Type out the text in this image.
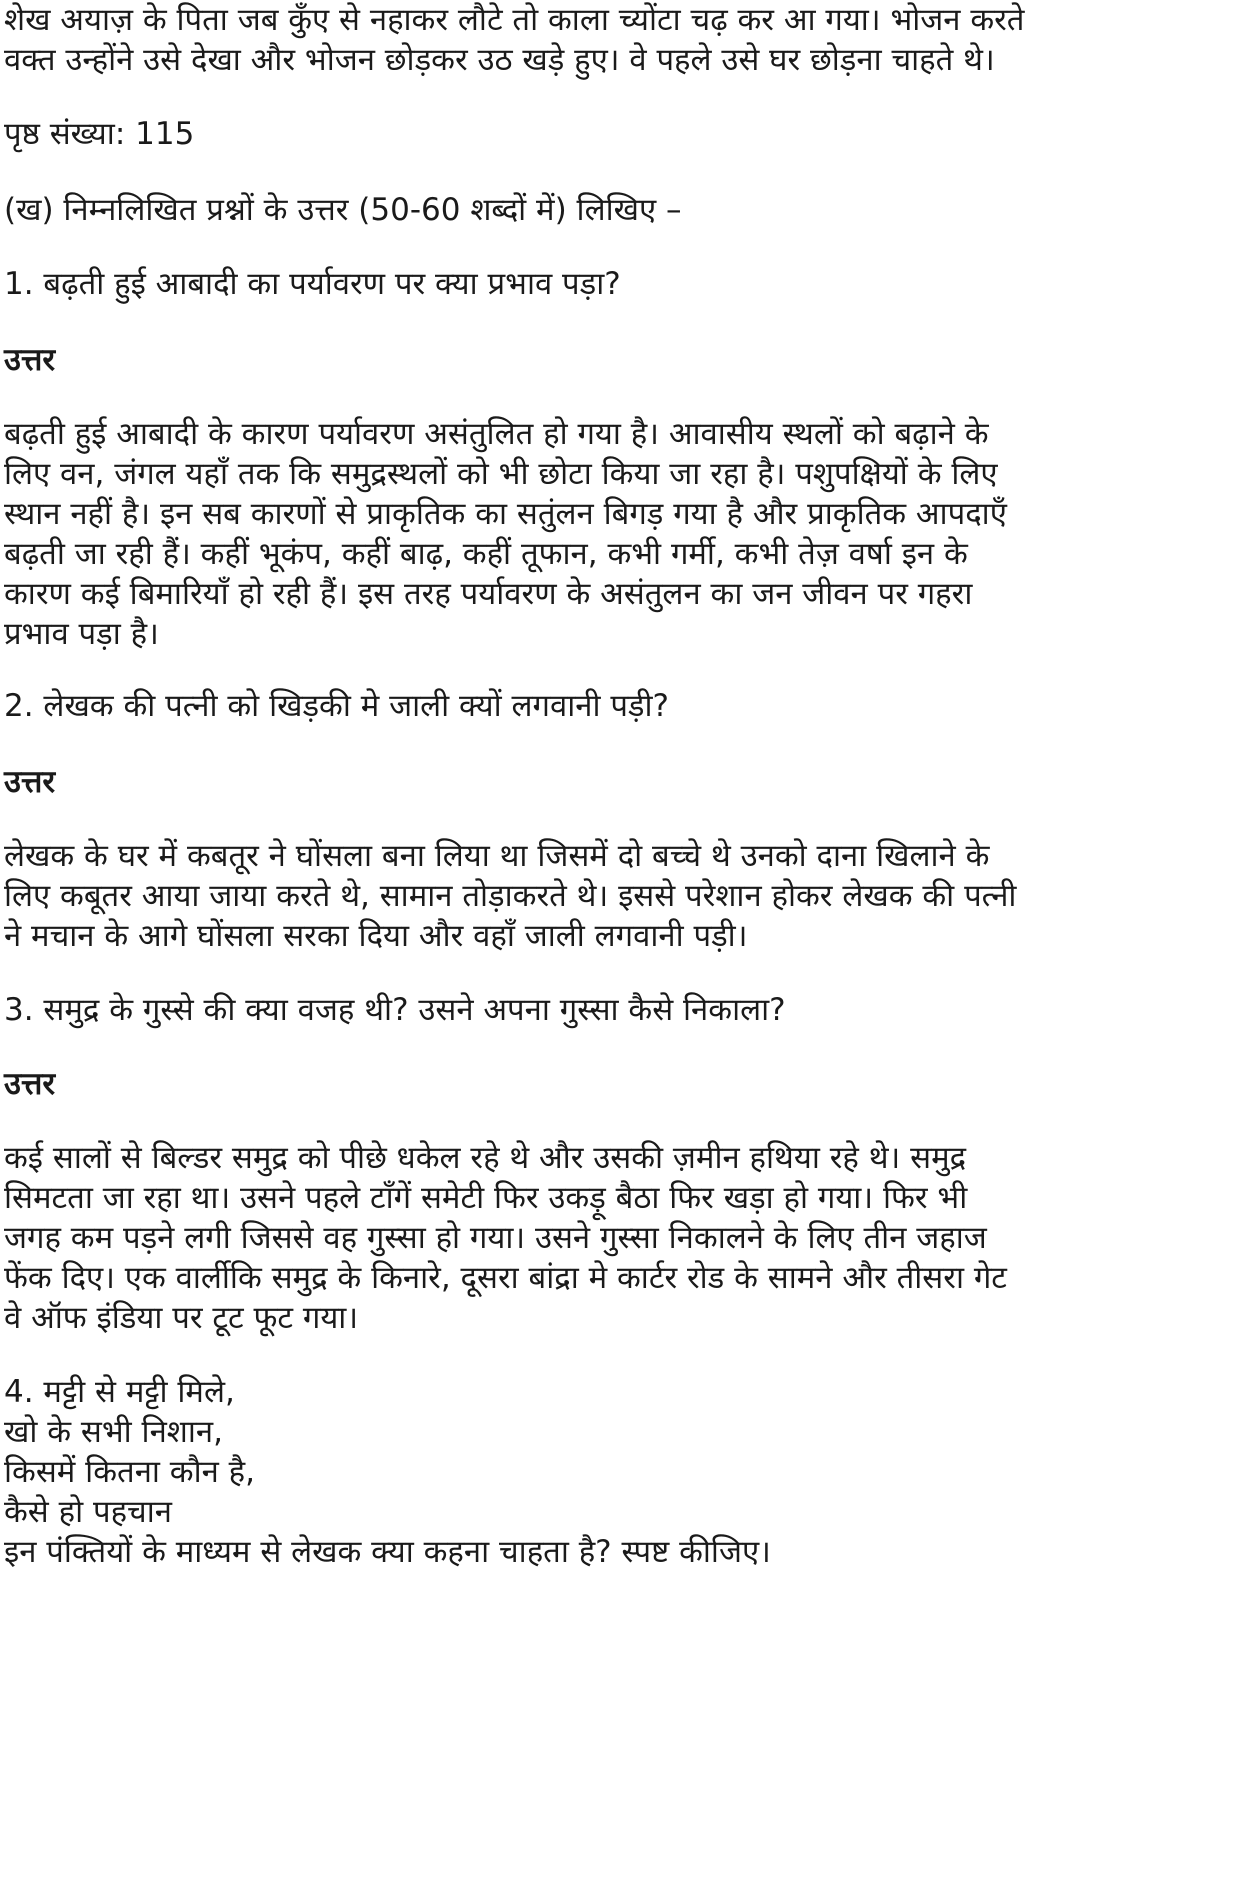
शेख अयाज़ के पिता जब कुँए से नहाकर लौटे तो काला च्योंटा चढ़ कर आ गया। भोजन करते
वक्त उन्होंने उसे देखा और भोजन छोड़कर उठ खड़े हुए। वे पहले उसे घर छोड़ना चाहते थे।
पृष्ठ संख्या: 115
(ख) निम्नलिखित प्रश्नों के उत्तर (50-60 शब्दों में) लिखिए –
1. बढ़ती हुई आबादी का पर्यावरण पर क्या प्रभाव पड़ा?
उत्तर
बढ़ती हुई आबादी के कारण पर्यावरण असंतुलित हो गया है। आवासीय स्थलों को बढ़ाने के
लिए वन, जंगल यहाँ तक कि समुद्रस्थलों को भी छोटा किया जा रहा है। पशुपक्षियों के लिए
स्थान नहीं है। इन सब कारणों से प्राकृतिक का सतुंलन बिगड़ गया है और प्राकृतिक आपदाएँ
बढ़ती जा रही हैं। कहीं भूकंप, कहीं बाढ़, कहीं तूफान, कभी गर्मी, कभी तेज़ वर्षा इन के
कारण कई बिमारियाँ हो रही हैं। इस तरह पर्यावरण के असंतुलन का जन जीवन पर गहरा
प्रभाव पड़ा है।
2. लेखक की पत्नी को खिड़की मे जाली क्यों लगवानी पड़ी?
उत्तर
लेखक के घर में कबतूर ने घोंसला बना लिया था जिसमें दो बच्चे थे उनको दाना खिलाने के
लिए कबूतर आया जाया करते थे, सामान तोड़ाकरते थे। इससे परेशान होकर लेखक की पत्नी
ने मचान के आगे घोंसला सरका दिया और वहाँ जाली लगवानी पड़ी।
3. समुद्र के गुस्से की क्या वजह थी? उसने अपना गुस्सा कैसे निकाला?
उत्तर
कई सालों से बिल्डर समुद्र को पीछे धकेल रहे थे और उसकी ज़मीन हथिया रहे थे। समुद्र
सिमटता जा रहा था। उसने पहले टाँगें समेटी फिर उकड़ू बैठा फिर खड़ा हो गया। फिर भी
जगह कम पड़ने लगी जिससे वह गुस्सा हो गया। उसने गुस्सा निकालने के लिए तीन जहाज
फेंक दिए। एक वार्लीकि समुद्र के किनारे, दूसरा बांद्रा मे कार्टर रोड के सामने और तीसरा गेट
वे ऑफ इंडिया पर टूट फूट गया।
4. मट्टी से मट्टी मिले,
खो के सभी निशान,
किसमें कितना कौन है,
कैसे हो पहचान
इन पंक्तियों के माध्यम से लेखक क्या कहना चाहता है? स्पष्ट कीजिए।
